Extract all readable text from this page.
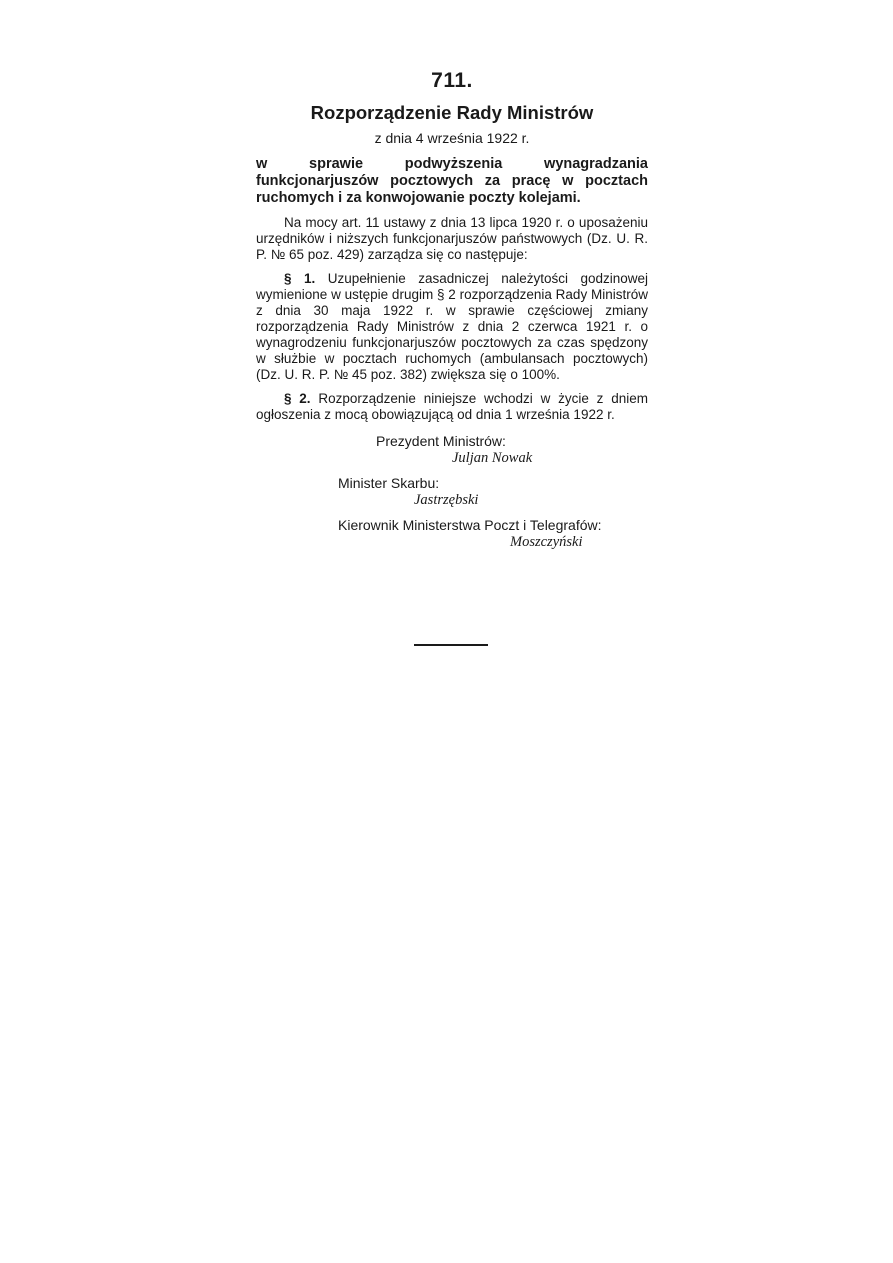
711.
Rozporządzenie Rady Ministrów
z dnia 4 września 1922 r.
w sprawie podwyższenia wynagradzania funkcjonarjuszów pocztowych za pracę w pocztach ruchomych i za konwojowanie poczty kolejami.
Na mocy art. 11 ustawy z dnia 13 lipca 1920 r. o uposażeniu urzędników i niższych funkcjonarjuszów państwowych (Dz. U. R. P. № 65 poz. 429) zarządza się co następuje:
§ 1. Uzupełnienie zasadniczej należytości godzinowej wymienione w ustępie drugim § 2 rozporządzenia Rady Ministrów z dnia 30 maja 1922 r. w sprawie częściowej zmiany rozporządzenia Rady Ministrów z dnia 2 czerwca 1921 r. o wynagrodzeniu funkcjonarjuszów pocztowych za czas spędzony w służbie w pocztach ruchomych (ambulansach pocztowych) (Dz. U. R. P. № 45 poz. 382) zwiększa się o 100%.
§ 2. Rozporządzenie niniejsze wchodzi w życie z dniem ogłoszenia z mocą obowiązującą od dnia 1 września 1922 r.
Prezydent Ministrów:
Juljan Nowak
Minister Skarbu:
Jastrzębski
Kierownik Ministerstwa Poczt i Telegrafów:
Moszczyński
